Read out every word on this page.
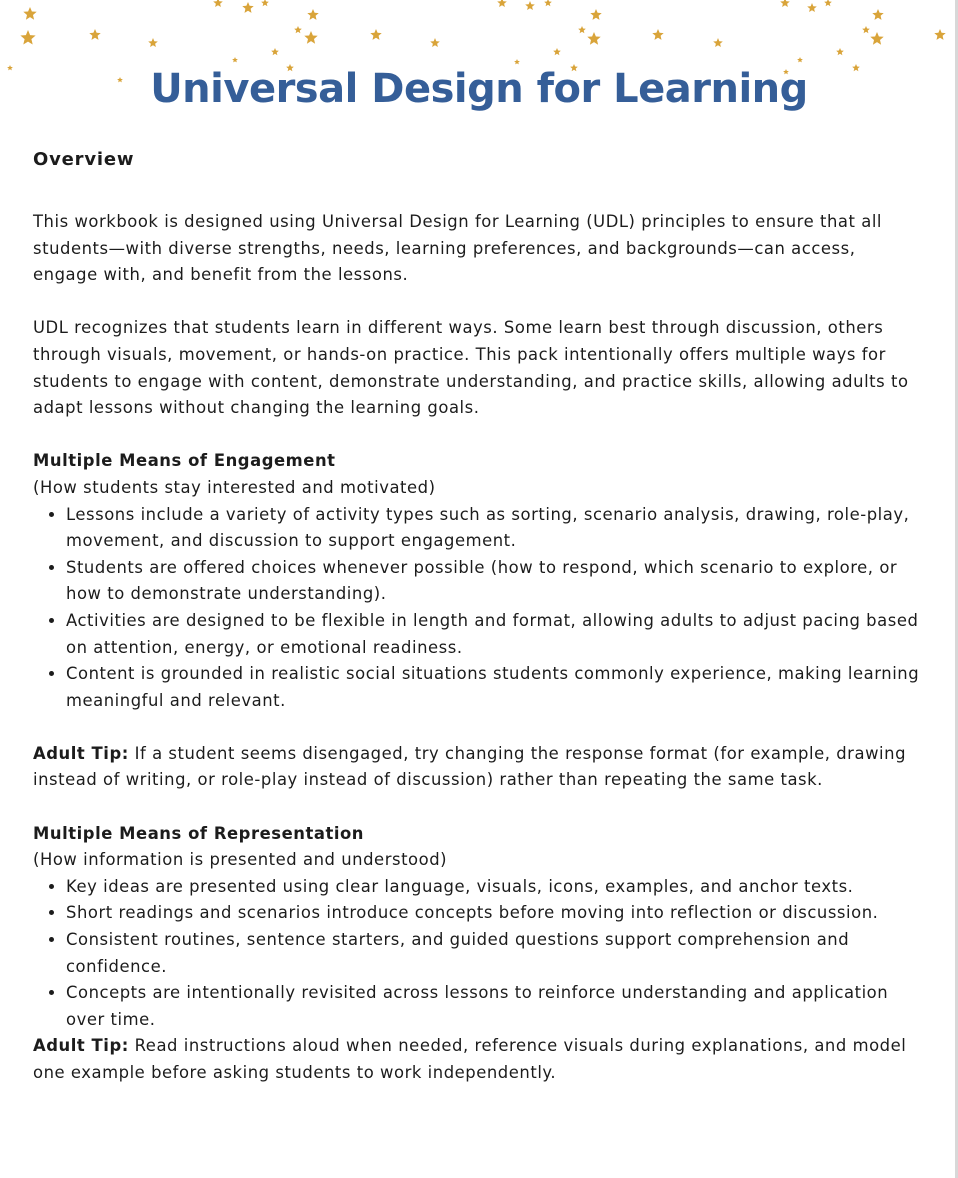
Universal Design for Learning
Overview

This workbook is designed using Universal Design for Learning (UDL) principles to ensure that all students—with diverse strengths, needs, learning preferences, and backgrounds—can access, engage with, and benefit from the lessons.

UDL recognizes that students learn in different ways. Some learn best through discussion, others through visuals, movement, or hands-on practice. This pack intentionally offers multiple ways for students to engage with content, demonstrate understanding, and practice skills, allowing adults to adapt lessons without changing the learning goals.

Multiple Means of Engagement

(How students stay interested and motivated)

• Lessons include a variety of activity types such as sorting, scenario analysis, drawing, role-play, movement, and discussion to support engagement.
• Students are offered choices whenever possible (how to respond, which scenario to explore, or how to demonstrate understanding).
• Activities are designed to be flexible in length and format, allowing adults to adjust pacing based on attention, energy, or emotional readiness.
• Content is grounded in realistic social situations students commonly experience, making learning meaningful and relevant.

Adult Tip: If a student seems disengaged, try changing the response format (for example, drawing instead of writing, or role-play instead of discussion) rather than repeating the same task.

Multiple Means of Representation

(How information is presented and understood)

• Key ideas are presented using clear language, visuals, icons, examples, and anchor texts.
• Short readings and scenarios introduce concepts before moving into reflection or discussion.
• Consistent routines, sentence starters, and guided questions support comprehension and confidence.
• Concepts are intentionally revisited across lessons to reinforce understanding and application over time.

Adult Tip: Read instructions aloud when needed, reference visuals during explanations, and model one example before asking students to work independently.
